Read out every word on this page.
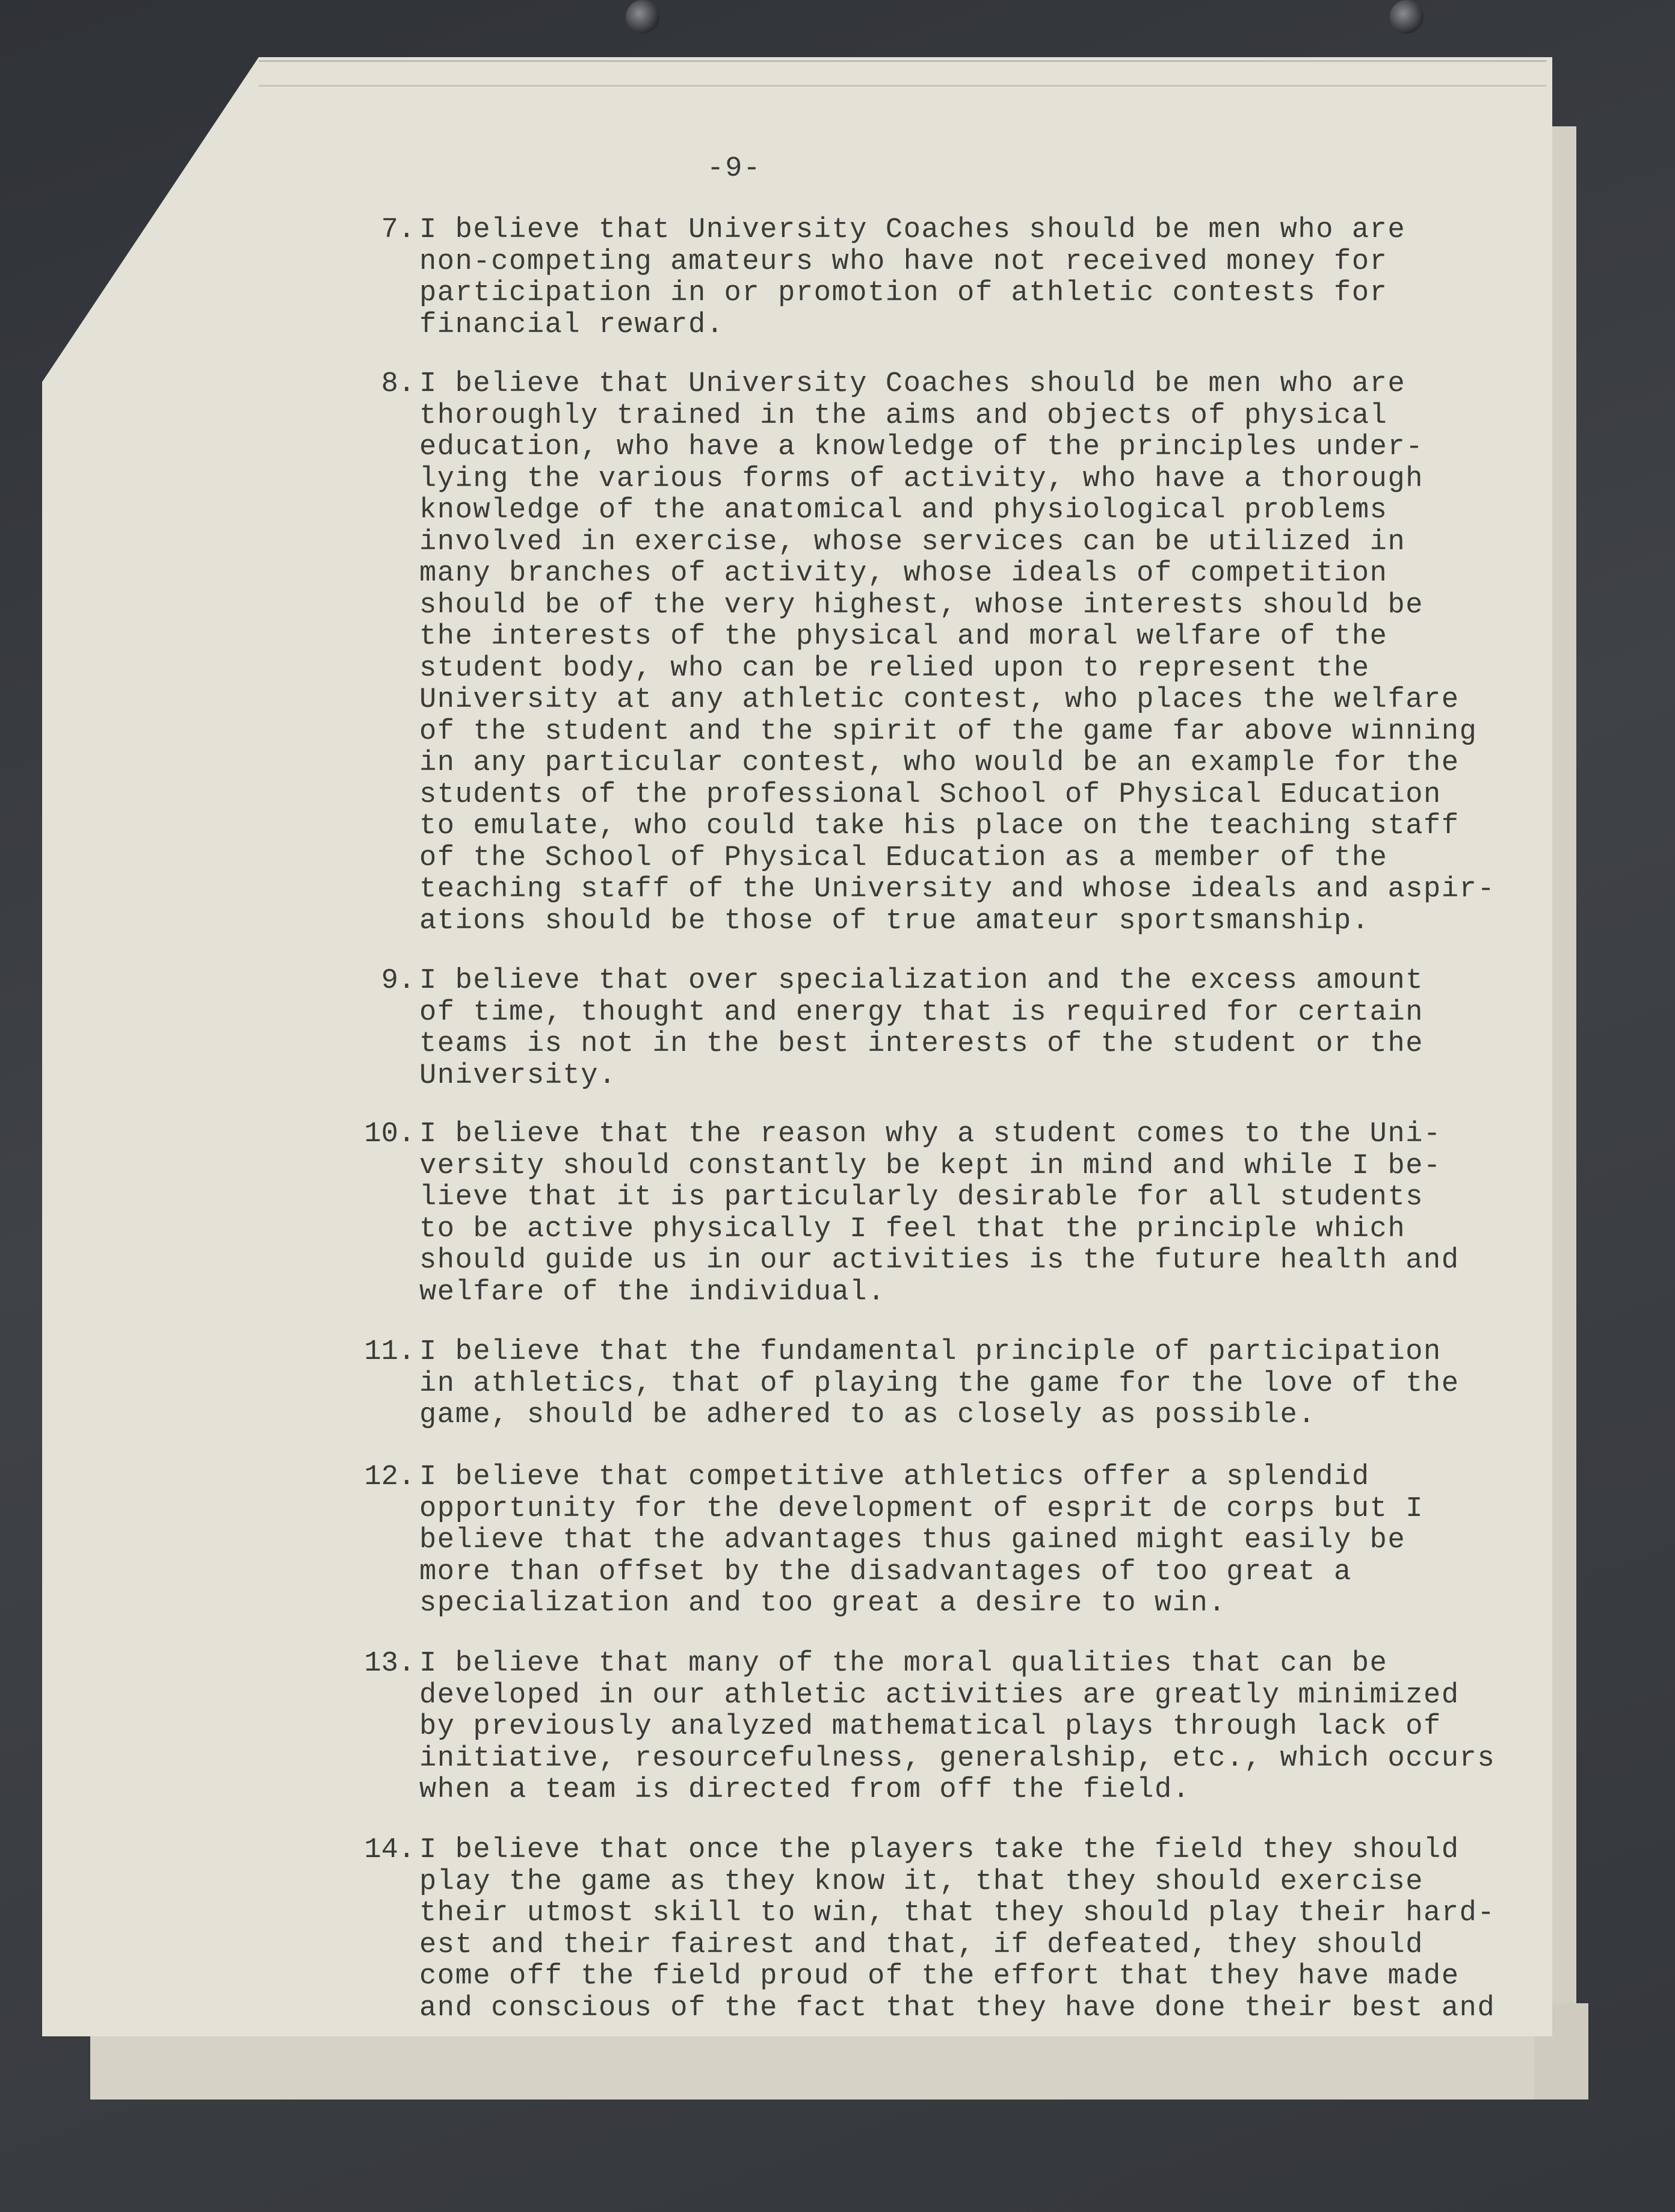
-9-
7. I believe that University Coaches should be men who are
non-competing amateurs who have not received money for
participation in or promotion of athletic contests for
financial reward.
8. I believe that University Coaches should be men who are
thoroughly trained in the aims and objects of physical
education, who have a knowledge of the principles under-
lying the various forms of activity, who have a thorough
knowledge of the anatomical and physiological problems
involved in exercise, whose services can be utilized in
many branches of activity, whose ideals of competition
should be of the very highest, whose interests should be
the interests of the physical and moral welfare of the
student body, who can be relied upon to represent the
University at any athletic contest, who places the welfare
of the student and the spirit of the game far above winning
in any particular contest, who would be an example for the
students of the professional School of Physical Education
to emulate, who could take his place on the teaching staff
of the School of Physical Education as a member of the
teaching staff of the University and whose ideals and aspir-
ations should be those of true amateur sportsmanship.
9. I believe that over specialization and the excess amount
of time, thought and energy that is required for certain
teams is not in the best interests of the student or the
University.
10. I believe that the reason why a student comes to the Uni-
versity should constantly be kept in mind and while I be-
lieve that it is particularly desirable for all students
to be active physically I feel that the principle which
should guide us in our activities is the future health and
welfare of the individual.
11. I believe that the fundamental principle of participation
in athletics, that of playing the game for the love of the
game, should be adhered to as closely as possible.
12. I believe that competitive athletics offer a splendid
opportunity for the development of esprit de corps but I
believe that the advantages thus gained might easily be
more than offset by the disadvantages of too great a
specialization and too great a desire to win.
13. I believe that many of the moral qualities that can be
developed in our athletic activities are greatly minimized
by previously analyzed mathematical plays through lack of
initiative, resourcefulness, generalship, etc., which occurs
when a team is directed from off the field.
14. I believe that once the players take the field they should
play the game as they know it, that they should exercise
their utmost skill to win, that they should play their hard-
est and their fairest and that, if defeated, they should
come off the field proud of the effort that they have made
and conscious of the fact that they have done their best and
